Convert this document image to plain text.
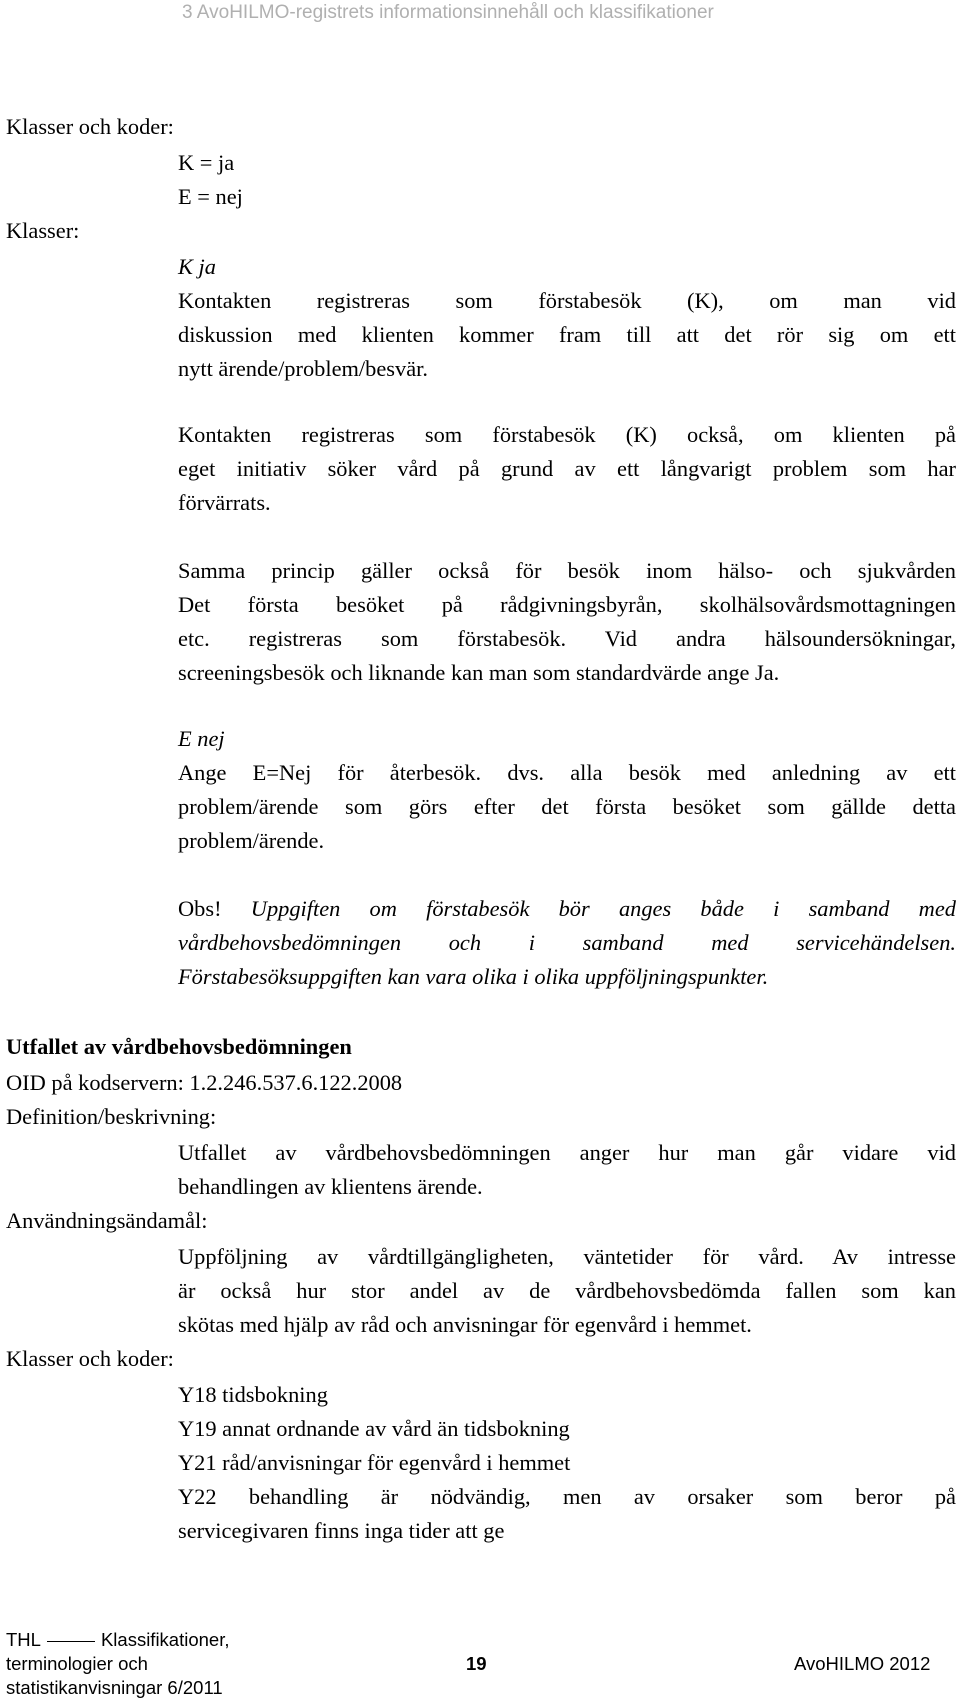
3 AvoHILMO-registrets informationsinnehåll och klassifikationer
Klasser och koder:
K = ja
E = nej
Klasser:
K ja
Kontakten registreras som förstabesök (K), om man vid
diskussion med klienten kommer fram till att det rör sig om ett
nytt ärende/problem/besvär.
Kontakten registreras som förstabesök (K) också, om klienten på
eget initiativ söker vård på grund av ett långvarigt problem som har
förvärrats.
Samma princip gäller också för besök inom hälso- och sjukvården
Det första besöket på rådgivningsbyrån, skolhälsovårdsmottagningen
etc. registreras som förstabesök. Vid andra hälsoundersökningar,
screeningsbesök och liknande kan man som standardvärde ange Ja.
E nej
Ange E=Nej för återbesök. dvs. alla besök med anledning av ett
problem/ärende som görs efter det första besöket som gällde detta
problem/ärende.
Obs! Uppgiften om förstabesök bör anges både i samband med
vårdbehovsbedömningen och i samband med servicehändelsen.
Förstabesöksuppgiften kan vara olika i olika uppföljningspunkter.
Utfallet av vårdbehovsbedömningen
OID på kodservern: 1.2.246.537.6.122.2008
Definition/beskrivning:
Utfallet av vårdbehovsbedömningen anger hur man går vidare vid
behandlingen av klientens ärende.
Användningsändamål:
Uppföljning av vårdtillgängligheten, väntetider för vård. Av intresse
är också hur stor andel av de vårdbehovsbedömda fallen som kan
skötas med hjälp av råd och anvisningar för egenvård i hemmet.
Klasser och koder:
Y18 tidsbokning
Y19 annat ordnande av vård än tidsbokning
Y21 råd/anvisningar för egenvård i hemmet
Y22 behandling är nödvändig, men av orsaker som beror på
servicegivaren finns inga tider att ge
THL	Klassifikationer,
terminologier och
statistikanvisningar 6/2011
19	AvoHILMO 2012
